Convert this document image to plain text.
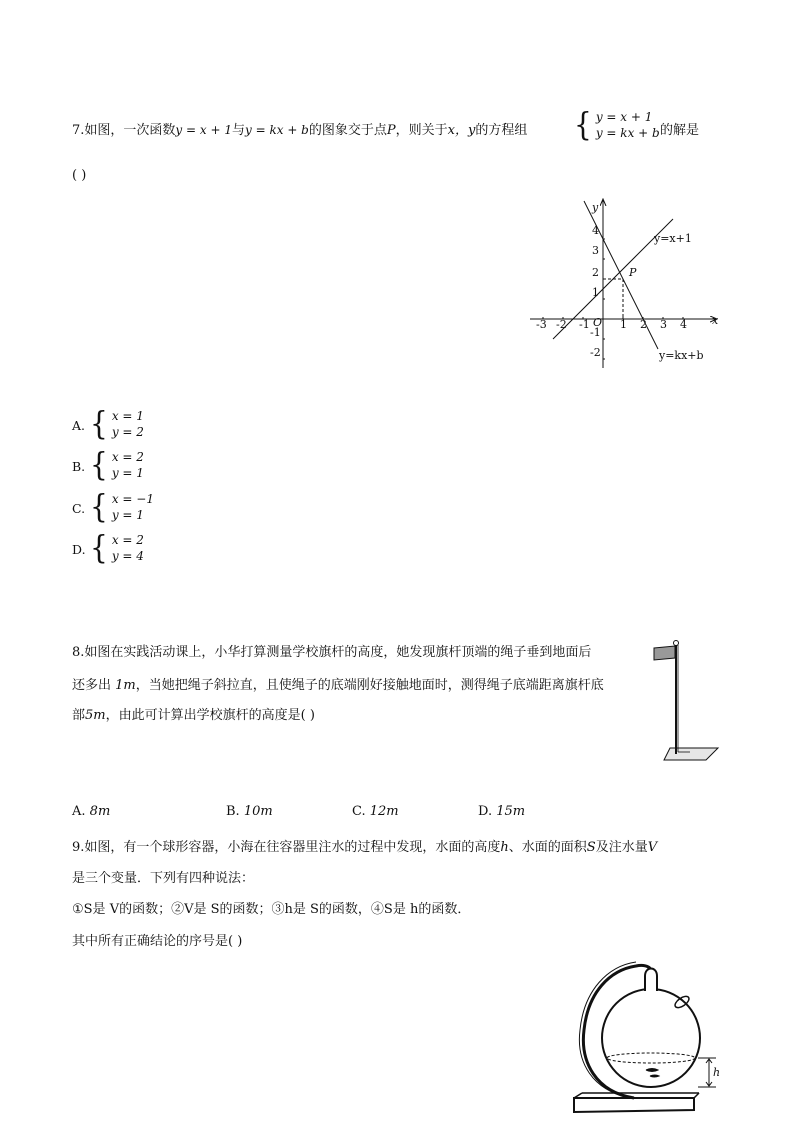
7.如图，一次函数y = x + 1与y = kx + b的图象交于点P，则关于x，y的方程组 { y = x + 1
y = kx + b 的解是
( )
y
x
O
P
y=x+1
y=kx+b
-3 -2 -1	1 2 3 4
4
3
2
1
-1
-2
A. { x = 1
y = 2
B. { x = 2
y = 1
C. { x = −1
y = 1
D. { x = 2
y = 4
8.如图在实践活动课上，小华打算测量学校旗杆的高度，她发现旗杆顶端的绳子垂到地面后
还多出 1m，当她把绳子斜拉直，且使绳子的底端刚好接触地面时，测得绳子底端距离旗杆底
部5m，由此可计算出学校旗杆的高度是( )
A. 8m	B. 10m	C. 12m	D. 15m
9.如图，有一个球形容器，小海在往容器里注水的过程中发现，水面的高度h、水面的面积S及注水量V
是三个变量．下列有四种说法：
①S是 V的函数；②V是 S的函数；③h是 S的函数，④S是 h的函数．
其中所有正确结论的序号是( )
h
